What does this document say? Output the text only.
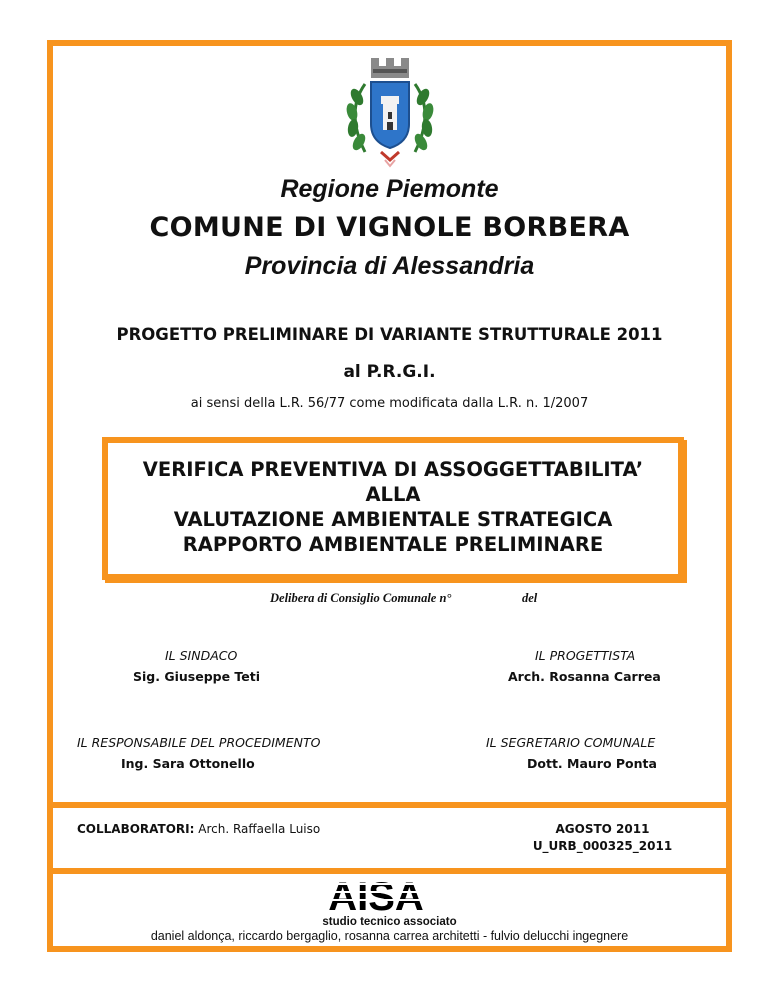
Regione Piemonte
COMUNE DI VIGNOLE BORBERA
Provincia di Alessandria
PROGETTO PRELIMINARE DI VARIANTE STRUTTURALE 2011
al P.R.G.I.
ai sensi della L.R. 56/77 come modificata dalla L.R. n. 1/2007
VERIFICA PREVENTIVA DI ASSOGGETTABILITA’
ALLA
VALUTAZIONE AMBIENTALE STRATEGICA
RAPPORTO AMBIENTALE PRELIMINARE
Delibera di Consiglio Comunale n°	del
IL SINDACO
Sig. Giuseppe Teti
IL PROGETTISTA
Arch. Rosanna Carrea
IL RESPONSABILE DEL PROCEDIMENTO
Ing. Sara Ottonello
IL SEGRETARIO COMUNALE
Dott. Mauro Ponta
COLLABORATORI: Arch. Raffaella Luiso	AGOSTO 2011
U_URB_000325_2011
AISA
studio tecnico associato
daniel aldonça, riccardo bergaglio, rosanna carrea architetti - fulvio delucchi ingegnere
